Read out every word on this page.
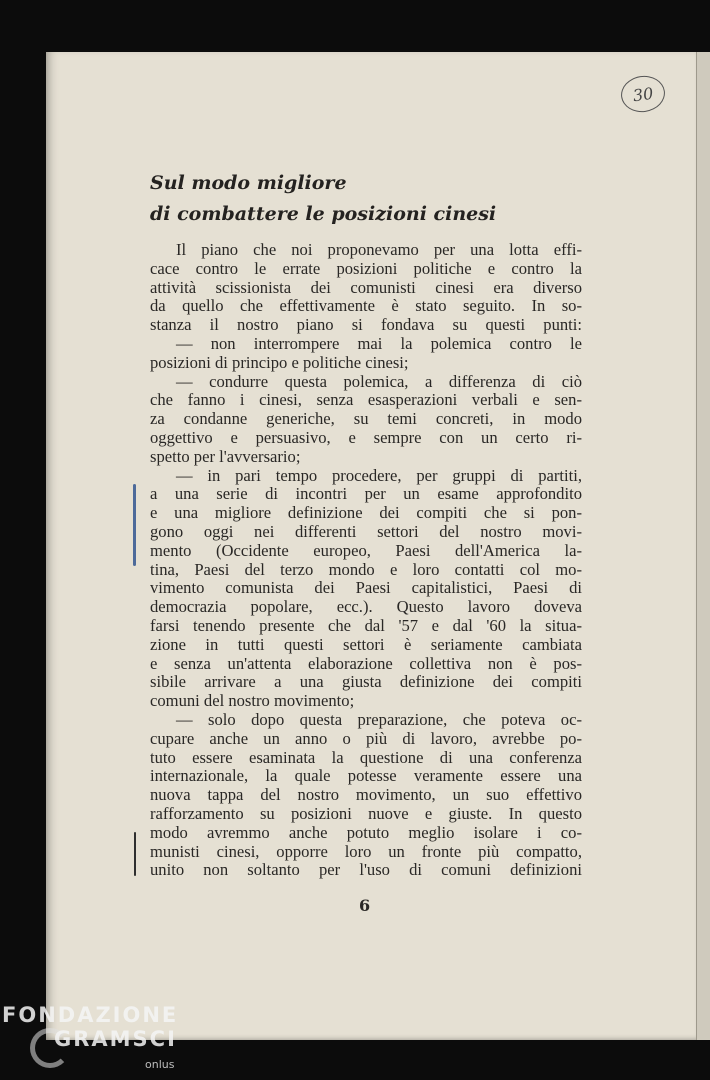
30
Sul modo migliore
di combattere le posizioni cinesi
Il piano che noi proponevamo per una lotta effi-
cace contro le errate posizioni politiche e contro la
attività scissionista dei comunisti cinesi era diverso
da quello che effettivamente è stato seguito. In so-
stanza il nostro piano si fondava su questi punti:
— non interrompere mai la polemica contro le
posizioni di principo e politiche cinesi;
— condurre questa polemica, a differenza di ciò
che fanno i cinesi, senza esasperazioni verbali e sen-
za condanne generiche, su temi concreti, in modo
oggettivo e persuasivo, e sempre con un certo ri-
spetto per l'avversario;
— in pari tempo procedere, per gruppi di partiti,
a una serie di incontri per un esame approfondito
e una migliore definizione dei compiti che si pon-
gono oggi nei differenti settori del nostro movi-
mento (Occidente europeo, Paesi dell'America la-
tina, Paesi del terzo mondo e loro contatti col mo-
vimento comunista dei Paesi capitalistici, Paesi di
democrazia popolare, ecc.). Questo lavoro doveva
farsi tenendo presente che dal '57 e dal '60 la situa-
zione in tutti questi settori è seriamente cambiata
e senza un'attenta elaborazione collettiva non è pos-
sibile arrivare a una giusta definizione dei compiti
comuni del nostro movimento;
— solo dopo questa preparazione, che poteva oc-
cupare anche un anno o più di lavoro, avrebbe po-
tuto essere esaminata la questione di una conferenza
internazionale, la quale potesse veramente essere una
nuova tappa del nostro movimento, un suo effettivo
rafforzamento su posizioni nuove e giuste. In questo
modo avremmo anche potuto meglio isolare i co-
munisti cinesi, opporre loro un fronte più compatto,
unito non soltanto per l'uso di comuni definizioni
6
FONDAZIONE
GRAMSCI
onlus
